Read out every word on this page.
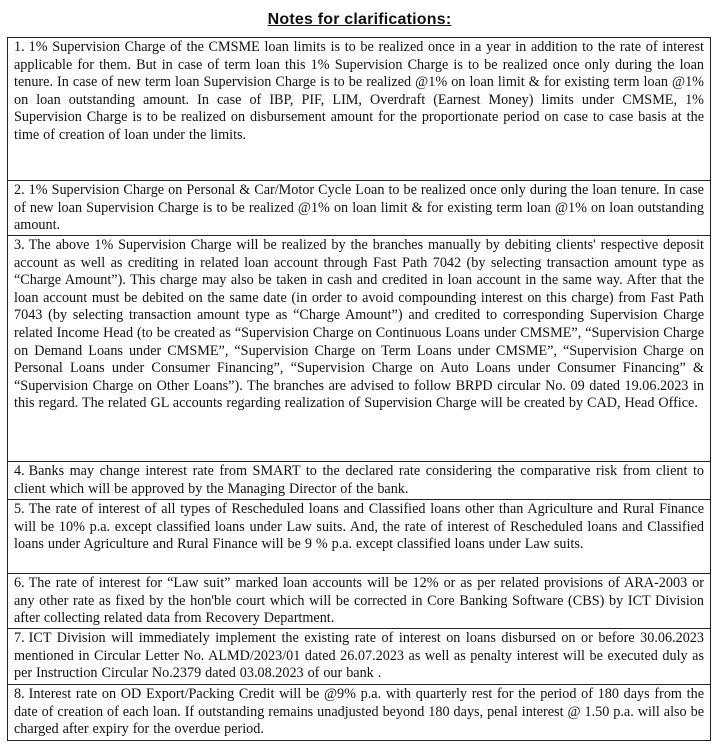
Notes for clarifications:
1. 1% Supervision Charge of the CMSME loan limits is to be realized once in a year in addition to the rate of interest applicable for them. But in case of term loan this 1% Supervision Charge is to be realized once only during the loan tenure. In case of new term loan Supervision Charge is to be realized @1% on loan limit & for existing term loan @1% on loan outstanding amount. In case of IBP, PIF, LIM, Overdraft (Earnest Money) limits under CMSME, 1% Supervision Charge is to be realized on disbursement amount for the proportionate period on case to case basis at the time of creation of loan under the limits.
2. 1% Supervision Charge on Personal & Car/Motor Cycle Loan to be realized once only during the loan tenure. In case of new loan Supervision Charge is to be realized @1% on loan limit & for existing term loan @1% on loan outstanding amount.
3. The above 1% Supervision Charge will be realized by the branches manually by debiting clients' respective deposit account as well as crediting in related loan account through Fast Path 7042 (by selecting transaction amount type as “Charge Amount”). This charge may also be taken in cash and credited in loan account in the same way. After that the loan account must be debited on the same date (in order to avoid compounding interest on this charge) from Fast Path 7043 (by selecting transaction amount type as “Charge Amount”) and credited to corresponding Supervision Charge related Income Head (to be created as “Supervision Charge on Continuous Loans under CMSME”, “Supervision Charge on Demand Loans under CMSME”, “Supervision Charge on Term Loans under CMSME”, “Supervision Charge on Personal Loans under Consumer Financing”, “Supervision Charge on Auto Loans under Consumer Financing” & “Supervision Charge on Other Loans”). The branches are advised to follow BRPD circular No. 09 dated 19.06.2023 in this regard. The related GL accounts regarding realization of Supervision Charge will be created by CAD, Head Office.
4. Banks may change interest rate from SMART to the declared rate considering the comparative risk from client to client which will be approved by the Managing Director of the bank.
5. The rate of interest of all types of Rescheduled loans and Classified loans other than Agriculture and Rural Finance will be 10% p.a. except classified loans under Law suits. And, the rate of interest of Rescheduled loans and Classified loans under Agriculture and Rural Finance will be 9 % p.a. except classified loans under Law suits.
6. The rate of interest for “Law suit” marked loan accounts will be 12% or as per related provisions of ARA-2003 or any other rate as fixed by the hon'ble court which will be corrected in Core Banking Software (CBS) by ICT Division after collecting related data from Recovery Department.
7. ICT Division will immediately implement the existing rate of interest on loans disbursed on or before 30.06.2023 mentioned in Circular Letter No. ALMD/2023/01 dated 26.07.2023 as well as penalty interest will be executed duly as per Instruction Circular No.2379 dated 03.08.2023 of our bank .
8. Interest rate on OD Export/Packing Credit will be @9% p.a. with quarterly rest for the period of 180 days from the date of creation of each loan. If outstanding remains unadjusted beyond 180 days, penal interest @ 1.50 p.a. will also be charged after expiry for the overdue period.
